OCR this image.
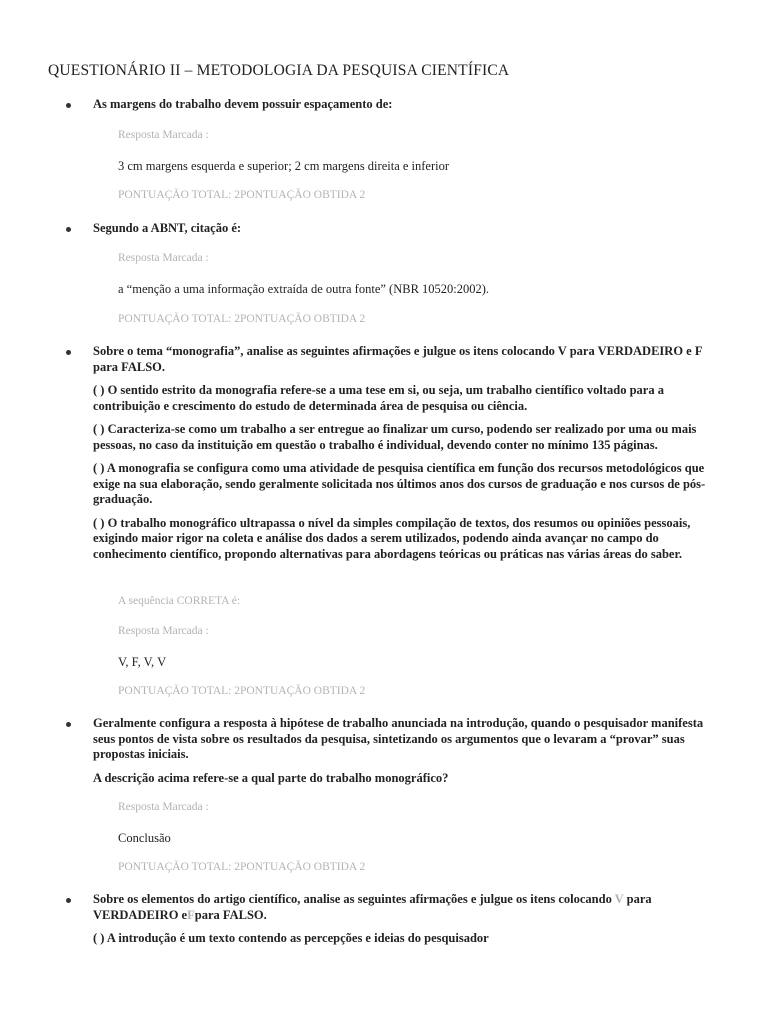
QUESTIONÁRIO II – METODOLOGIA DA PESQUISA CIENTÍFICA
As margens do trabalho devem possuir espaçamento de:
Resposta Marcada :
3 cm margens esquerda e superior; 2 cm margens direita e inferior
PONTUAÇÃO TOTAL: 2PONTUAÇÃO OBTIDA 2
Segundo a ABNT, citação é:
Resposta Marcada :
a “menção a uma informação extraída de outra fonte” (NBR 10520:2002).
PONTUAÇÃO TOTAL: 2PONTUAÇÃO OBTIDA 2
Sobre o tema “monografia”, analise as seguintes afirmações e julgue os itens colocando V para VERDADEIRO e F para FALSO.
( ) O sentido estrito da monografia refere-se a uma tese em si, ou seja, um trabalho científico voltado para a contribuição e crescimento do estudo de determinada área de pesquisa ou ciência.
( ) Caracteriza-se como um trabalho a ser entregue ao finalizar um curso, podendo ser realizado por uma ou mais pessoas, no caso da instituição em questão o trabalho é individual, devendo conter no mínimo 135 páginas.
( ) A monografia se configura como uma atividade de pesquisa científica em função dos recursos metodológicos que exige na sua elaboração, sendo geralmente solicitada nos últimos anos dos cursos de graduação e nos cursos de pós-graduação.
( ) O trabalho monográfico ultrapassa o nível da simples compilação de textos, dos resumos ou opiniões pessoais, exigindo maior rigor na coleta e análise dos dados a serem utilizados, podendo ainda avançar no campo do conhecimento científico, propondo alternativas para abordagens teóricas ou práticas nas várias áreas do saber.
A sequência CORRETA é:
Resposta Marcada :
V, F, V, V
PONTUAÇÃO TOTAL: 2PONTUAÇÃO OBTIDA 2
Geralmente configura a resposta à hipótese de trabalho anunciada na introdução, quando o pesquisador manifesta seus pontos de vista sobre os resultados da pesquisa, sintetizando os argumentos que o levaram a “provar” suas propostas iniciais.
A descrição acima refere-se a qual parte do trabalho monográfico?
Resposta Marcada :
Conclusão
PONTUAÇÃO TOTAL: 2PONTUAÇÃO OBTIDA 2
Sobre os elementos do artigo científico, analise as seguintes afirmações e julgue os itens colocando V para VERDADEIRO eFpara FALSO.
( ) A introdução é um texto contendo as percepções e ideias do pesquisador
